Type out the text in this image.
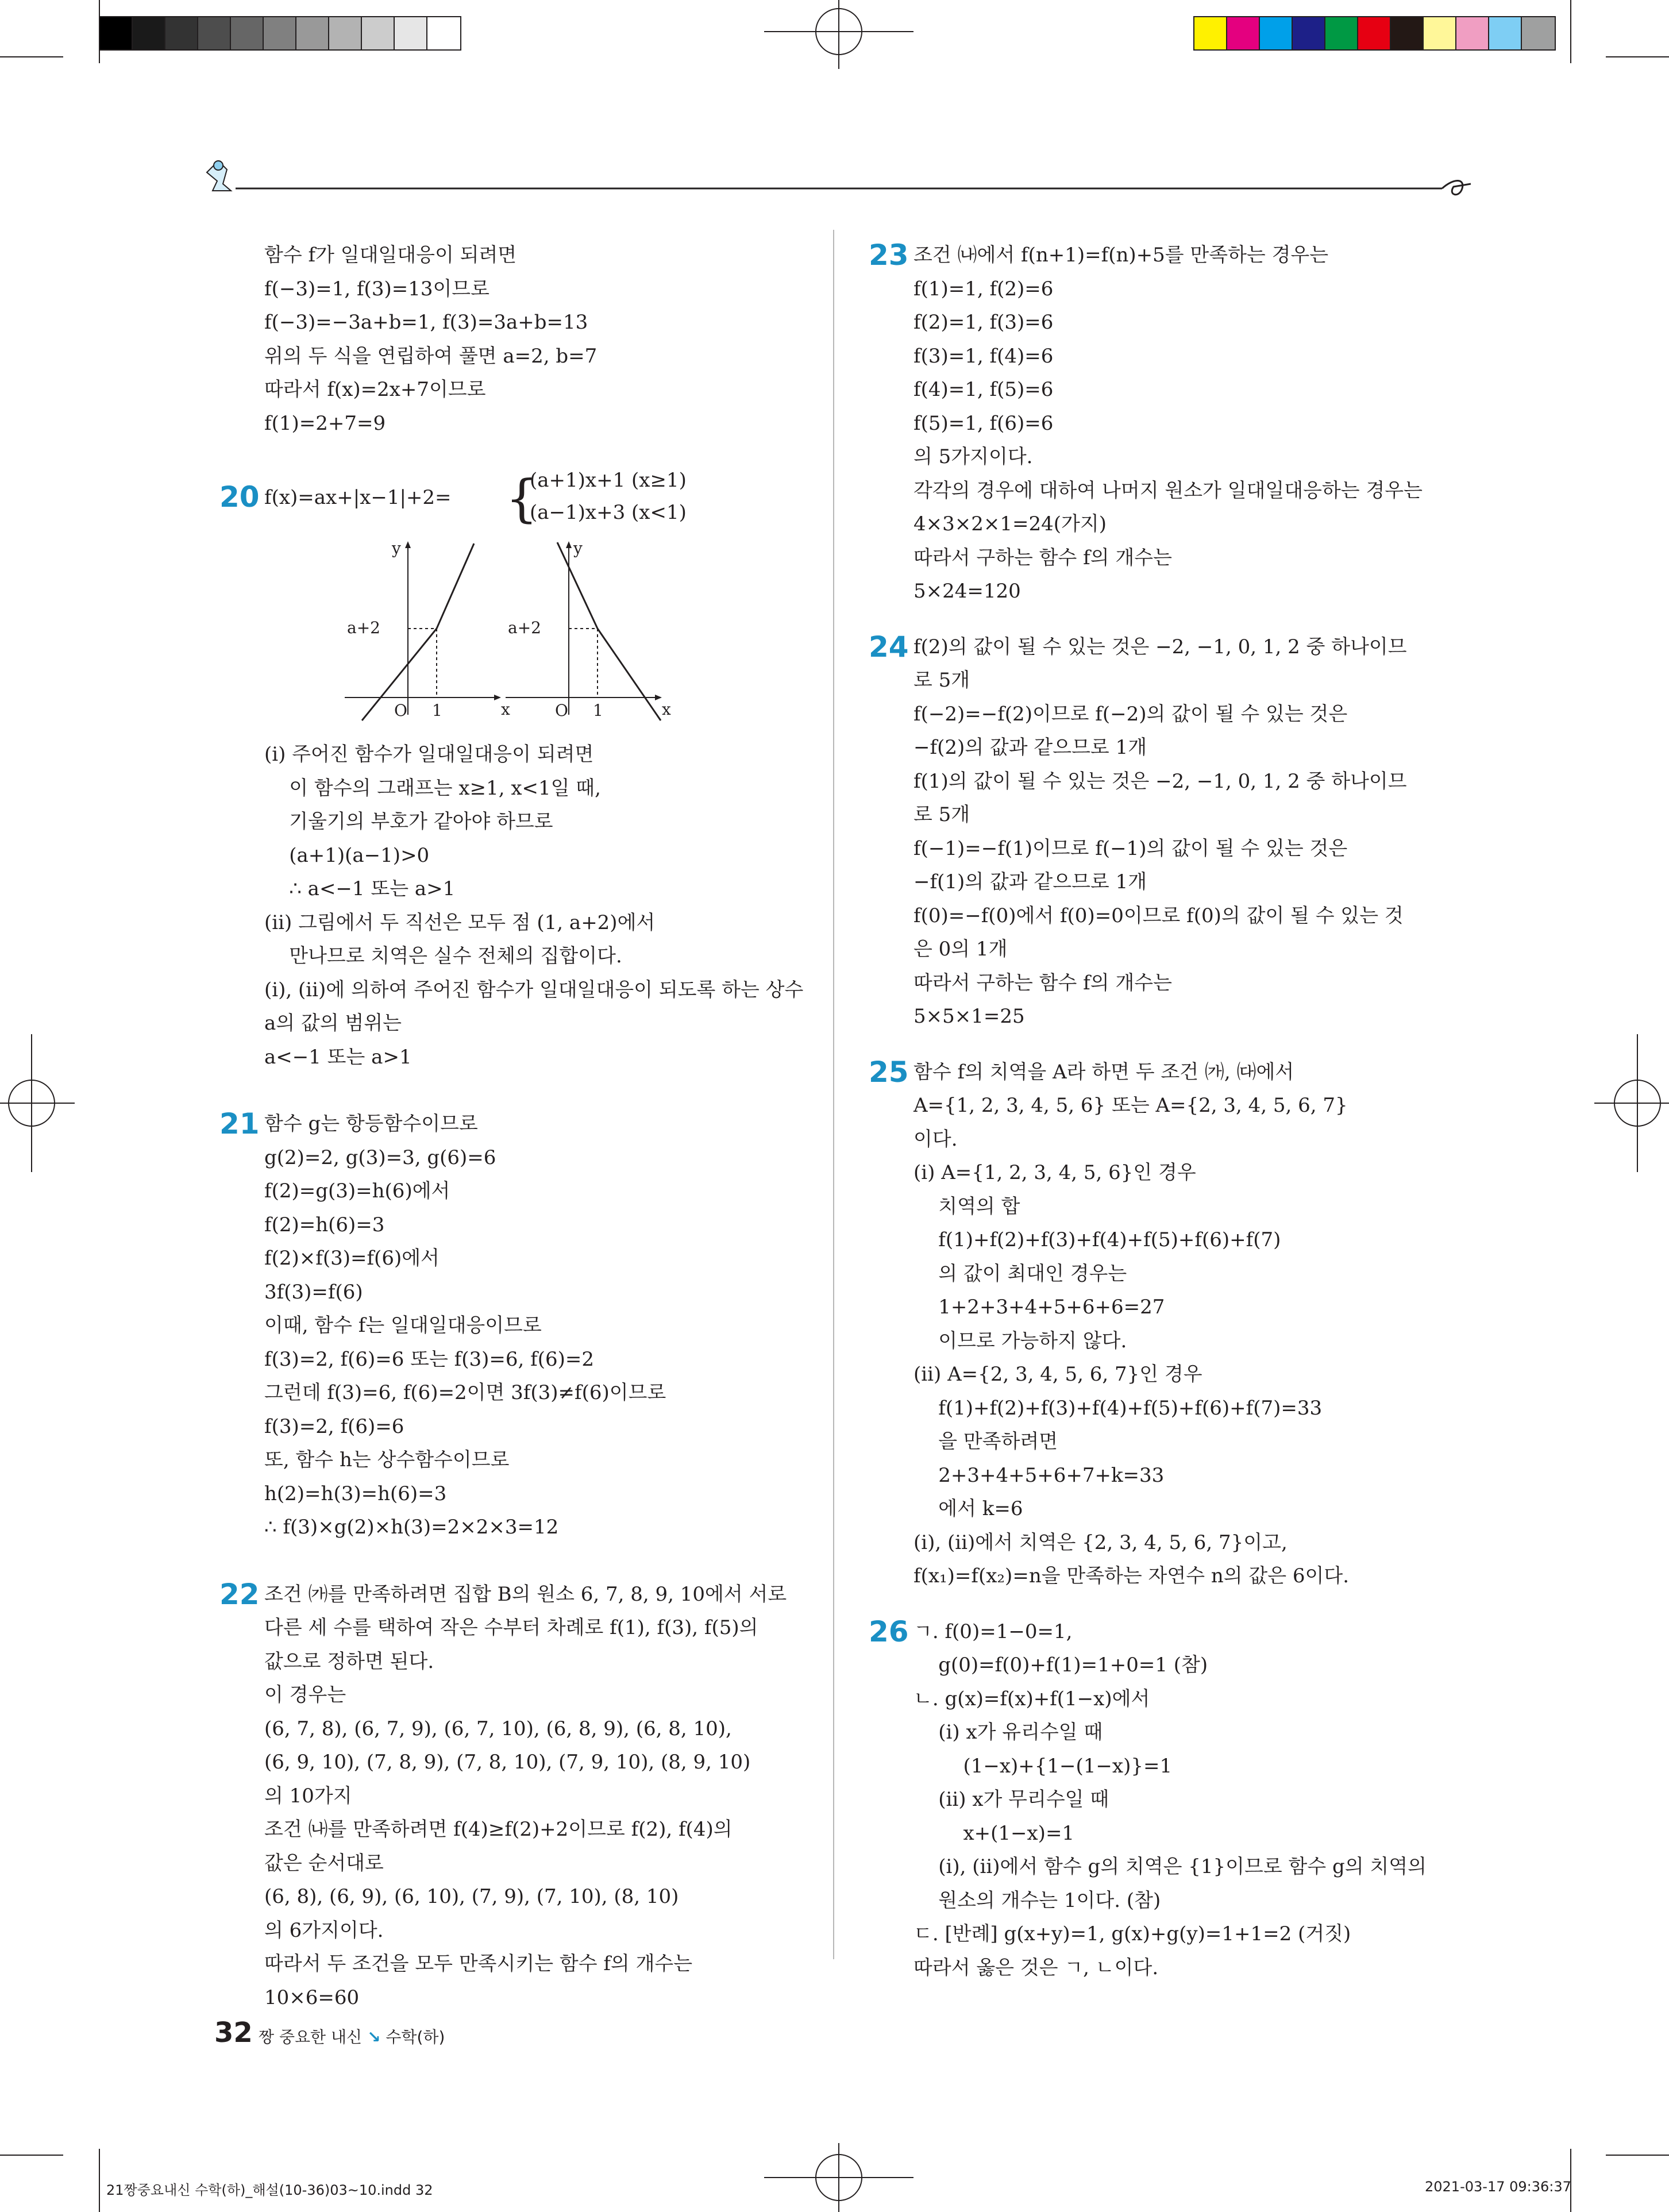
함수 f가 일대일대응이 되려면
f(−3)=1, f(3)=13이므로
f(−3)=−3a+b=1, f(3)=3a+b=13
위의 두 식을 연립하여 풀면 a=2, b=7
따라서 f(x)=2x+7이므로
f(1)=2+7=9
20 f(x)=ax+|x−1|+2= {
(a+1)x+1 (x≥1)
(a−1)x+3 (x<1)
y
x
O 1
a+2
y
x
O 1
a+2
(i) 주어진 함수가 일대일대응이 되려면
이 함수의 그래프는 x≥1, x<1일 때,
기울기의 부호가 같아야 하므로
(a+1)(a−1)>0
∴ a<−1 또는 a>1
(ii) 그림에서 두 직선은 모두 점 (1, a+2)에서
만나므로 치역은 실수 전체의 집합이다.
(i), (ii)에 의하여 주어진 함수가 일대일대응이 되도록 하는 상수
a의 값의 범위는
a<−1 또는 a>1
21 함수 g는 항등함수이므로
g(2)=2, g(3)=3, g(6)=6
f(2)=g(3)=h(6)에서
f(2)=h(6)=3
f(2)×f(3)=f(6)에서
3f(3)=f(6)
이때, 함수 f는 일대일대응이므로
f(3)=2, f(6)=6 또는 f(3)=6, f(6)=2
그런데 f(3)=6, f(6)=2이면 3f(3)≠f(6)이므로
f(3)=2, f(6)=6
또, 함수 h는 상수함수이므로
h(2)=h(3)=h(6)=3
∴ f(3)×g(2)×h(3)=2×2×3=12
22 조건 ㈎를 만족하려면 집합 B의 원소 6, 7, 8, 9, 10에서 서로
다른 세 수를 택하여 작은 수부터 차례로 f(1), f(3), f(5)의
값으로 정하면 된다.
이 경우는
(6, 7, 8), (6, 7, 9), (6, 7, 10), (6, 8, 9), (6, 8, 10),
(6, 9, 10), (7, 8, 9), (7, 8, 10), (7, 9, 10), (8, 9, 10)
의 10가지
조건 ㈏를 만족하려면 f(4)≥f(2)+2이므로 f(2), f(4)의
값은 순서대로
(6, 8), (6, 9), (6, 10), (7, 9), (7, 10), (8, 10)
의 6가지이다.
따라서 두 조건을 모두 만족시키는 함수 f의 개수는
10×6=60
23 조건 ㈏에서 f(n+1)=f(n)+5를 만족하는 경우는
f(1)=1, f(2)=6
f(2)=1, f(3)=6
f(3)=1, f(4)=6
f(4)=1, f(5)=6
f(5)=1, f(6)=6
의 5가지이다.
각각의 경우에 대하여 나머지 원소가 일대일대응하는 경우는
4×3×2×1=24(가지)
따라서 구하는 함수 f의 개수는
5×24=120
24 f(2)의 값이 될 수 있는 것은 −2, −1, 0, 1, 2 중 하나이므
로 5개
f(−2)=−f(2)이므로 f(−2)의 값이 될 수 있는 것은
−f(2)의 값과 같으므로 1개
f(1)의 값이 될 수 있는 것은 −2, −1, 0, 1, 2 중 하나이므
로 5개
f(−1)=−f(1)이므로 f(−1)의 값이 될 수 있는 것은
−f(1)의 값과 같으므로 1개
f(0)=−f(0)에서 f(0)=0이므로 f(0)의 값이 될 수 있는 것
은 0의 1개
따라서 구하는 함수 f의 개수는
5×5×1=25
25 함수 f의 치역을 A라 하면 두 조건 ㈎, ㈐에서
A={1, 2, 3, 4, 5, 6} 또는 A={2, 3, 4, 5, 6, 7}
이다.
(i) A={1, 2, 3, 4, 5, 6}인 경우
치역의 합
f(1)+f(2)+f(3)+f(4)+f(5)+f(6)+f(7)
의 값이 최대인 경우는
1+2+3+4+5+6+6=27
이므로 가능하지 않다.
(ii) A={2, 3, 4, 5, 6, 7}인 경우
f(1)+f(2)+f(3)+f(4)+f(5)+f(6)+f(7)=33
을 만족하려면
2+3+4+5+6+7+k=33
에서 k=6
(i), (ii)에서 치역은 {2, 3, 4, 5, 6, 7}이고,
f(x₁)=f(x₂)=n을 만족하는 자연수 n의 값은 6이다.
26 ㄱ. f(0)=1−0=1,
g(0)=f(0)+f(1)=1+0=1 (참)
ㄴ. g(x)=f(x)+f(1−x)에서
(i) x가 유리수일 때
(1−x)+{1−(1−x)}=1
(ii) x가 무리수일 때
x+(1−x)=1
(i), (ii)에서 함수 g의 치역은 {1}이므로 함수 g의 치역의
원소의 개수는 1이다. (참)
ㄷ. [반례] g(x+y)=1, g(x)+g(y)=1+1=2 (거짓)
따라서 옳은 것은 ㄱ, ㄴ이다.
32 짱 중요한 내신 ↘ 수학(하)
21짱중요내신 수학(하)_해설(10-36)03~10.indd 32	2021-03-17 09:36:37
